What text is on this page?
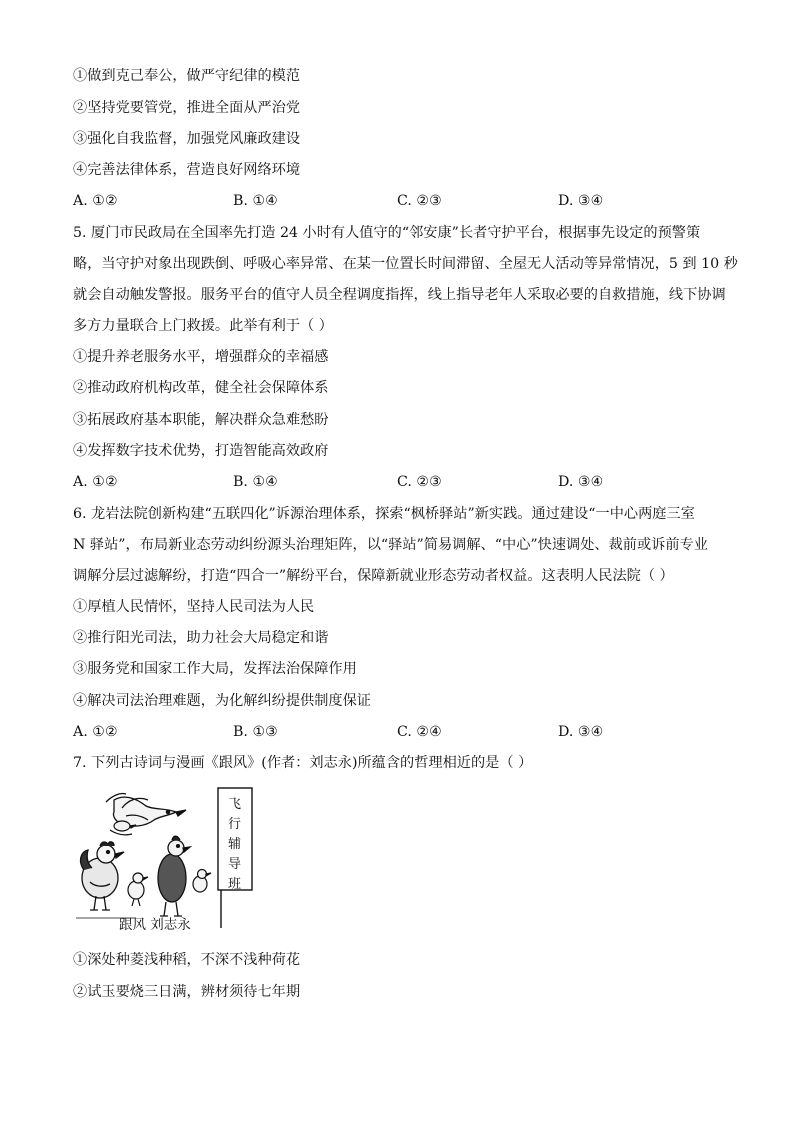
①做到克己奉公，做严守纪律的模范
②坚持党要管党，推进全面从严治党
③强化自我监督，加强党风廉政建设
④完善法律体系，营造良好网络环境
A. ①②	B. ①④	C. ②③	D. ③④
5. 厦门市民政局在全国率先打造 24 小时有人值守的“邻安康”长者守护平台，根据事先设定的预警策
略，当守护对象出现跌倒、呼吸心率异常、在某一位置长时间滞留、全屋无人活动等异常情况，5 到 10 秒
就会自动触发警报。服务平台的值守人员全程调度指挥，线上指导老年人采取必要的自救措施，线下协调
多方力量联合上门救援。此举有利于（ ）
①提升养老服务水平，增强群众的幸福感
②推动政府机构改革，健全社会保障体系
③拓展政府基本职能，解决群众急难愁盼
④发挥数字技术优势，打造智能高效政府
A. ①②	B. ①④	C. ②③	D. ③④
6. 龙岩法院创新构建“五联四化”诉源治理体系，探索“枫桥驿站”新实践。通过建设“一中心两庭三室
N 驿站”，布局新业态劳动纠纷源头治理矩阵，以“驿站”简易调解、“中心”快速调处、裁前或诉前专业
调解分层过滤解纷，打造“四合一”解纷平台，保障新就业形态劳动者权益。这表明人民法院（ ）
①厚植人民情怀，坚持人民司法为人民
②推行阳光司法，助力社会大局稳定和谐
③服务党和国家工作大局，发挥法治保障作用
④解决司法治理难题，为化解纠纷提供制度保证
A. ①②	B. ①③	C. ②④	D. ③④
7. 下列古诗词与漫画《跟风》(作者：刘志永)所蕴含的哲理相近的是（ ）
飞
行
辅
导
班
跟风 刘志永
①深处种菱浅种稻，不深不浅种荷花
②试玉要烧三日满，辨材须待七年期
